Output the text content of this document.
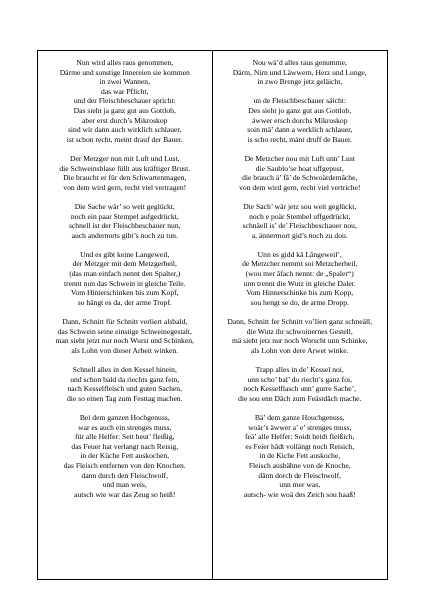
Nun wird alles raus genommen,
Därme und sonstige Innereien sie kommen
in zwei Wannen,
das war Pflicht,
und der Fleischbeschauer spricht:
Das sieht ja ganz gut aus Gottlob,
aber erst durch’s Mikroskop
sind wir dann auch wirklich schlauer,
ist schon recht, meint drauf der Bauer.
Der Metzger nun mit Luft und Lust,
die Schweinsblase füllt aus kräftiger Brust.
Die braucht er für den Schwartenmagen,
von dem wird gern, recht viel vertragen!
Die Sache wär’ so weit geglückt,
noch ein paar Stempel aufgedrückt,
schnell ist der Fleischbeschauer nun,
auch andernorts gibt’s noch zu tun.
Und es gibt keine Langeweil,
der Metzger mit dem Metzgerbeil,
(das man einfach nennt den Spalter,)
trennt nun das Schwein in gleiche Teile.
Vom Hinterschinken bis zum Kopf,
so hängt es da, der arme Tropf.
Dann, Schnitt für Schnitt verliert alsbald,
das Schwein seine einstige Schweinegestalt,
man sieht jetzt nur noch Wurst und Schinken,
als Lohn von dieser Arbeit winken.
Schnell alles in den Kessel hinein,
und schon bald da riechts ganz fein,
nach Kesselfleisch und guten Sachen,
die so einen Tag zum Festtag machen.
Bei dem ganzen Hochgenuss,
war es auch ein strenges muss,
für alle Helfer: Seit heut’ fleißig,
das Feuer hat verlangt nach Reisig,
in der Küche Fett auskochen,
das Fleisch entfernen von den Knochen.
dann durch den Fleischwolf,
und man weis,
autsch wie war das Zeug so heiß!
Nou wä’d alles raus genumme,
Därm, Nirn und Läwwern, Herz und Lunge,
in zwo Brenge jetz geläicht,

un de Fleischbeschauer säicht:
Des sieht jo ganz gut aus Gottlob,
äwwer ersch dorchs Mikroskop
soin mä’ dann a werklich schlauer,
is scho recht, mänt druff de Bauer.
De Metzcher nou mit Luft unn’ Lust
die Saublo’se hoat uffgepust,
die brauch ä’ fâ’ de Schwoärdemâche,
von dem wird gern, recht viel vertriche!
Die Sach’ wär jetz sou weit geglückt,
noch e poär Stembel uffgedrückt,
schnäell is’ de’ Fleischbeschauer nou,
a, ännermort gid’s noch zu dou.
Unn es gidd kâ Långeweil’,
de Metzcher nemmt soi Metzcherbeil,
(wou mer âfach nennt: de „Spaler“)
unn trennt die Wutz in gleiche Daler.
Vom Hinnerschinke bis zum Kopp,
sou hengt se do, de arme Dropp.
Dann, Schnitt fer Schnitt vo’liert ganz schneäll,
die Wutz ihr schwoinernes Gestell,
mä sieht jetz nur noch Worscht unn Schinke,
als Lohn von dere Arwet winke.
Trapp alles in de’ Kessel noi,
unn scho’ bal’ do riecht’s ganz foi,
noch Kesselflasch unn’ gurre Sache’,
die sou enn Dâch zum Feästdâch mache.
Bä’ dem ganze Houchgenuss,
woär’s äwwer a’ e’ strenges muss,
feä’ alle Helfer: Soidt heidt fleißich,
es Feier hâdt vollängt noch Reisich,
in de Kiche Fett auskoche,
Fleisch ausbähne von de Knoche,
dânn dorch de Fleischwolf,
unn mer was,
autsch- wie woä des Zeich sou haaß!
